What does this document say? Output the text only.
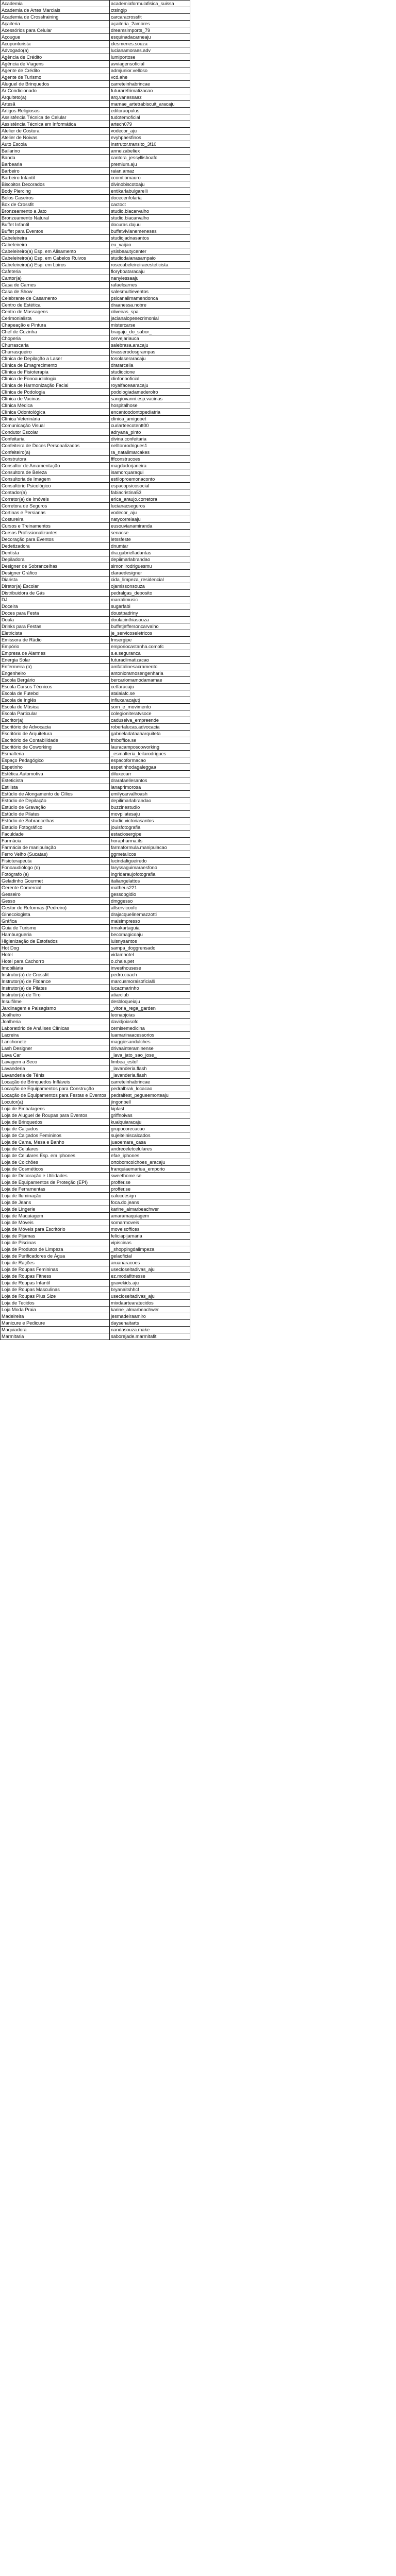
Academia	academiaformulafisica_suissa
Academia de Artes Marciais	ctsingip
Academia de Crossfraining	carcaracrossfit
Açaiteria	açaiteria_2amores
Acessórios para Celular	dreamsimports_79
Açougue	esquinadacarneaju
Acupunturista	clesmenes.souza
Advogado(a)	lucianamoraes.adv
Agência de Crédito	lumiportose
Agência de Viagens	avviagensoficial
Agente de Crédito	admjunior.velloso
Agente de Turismo	vcd.ahe
Aluguel de Brinquedos	carreteinhabrincae
Ar Condicionado	futurarefrimatizacao
Arquiteto(a)	arq.vanessaaz
Artesã	mamae_artetrabiscuit_aracaju
Artigos Religiosos	editoraopulus
Assistência Técnica de Celular	tudotemoficial
Assistência Técnica em Informática	artech079
Atelier de Costura	vodecor_aju
Atelier de Noivas	evyhpaesfinos
Auto Escola	instrutor.transito_3f10
Bailarino	anneizabeliex
Banda	cantora_jessyllisboafc
Barbearia	premium.aju
Barbeiro	raian.amaz
Barbeiro Infantil	ccomtiomauro
Biscoitos Decorados	divinobiscotoaju
Body Piercing	entikarlabulgarelli
Bolos Caseiros	docecenfolaria
Box de Crossfit	cactoct
Bronzeamento a Jato	studio.biacarvalho
Bronzeamento Natural	studio.biacarvalho
Buffet Infantil	docuras.dajuu
Buffet para Eventos	buffetvivianemeneses
Cabeleireira	studiojadnasantos
Cabeleireiro	eu_vaijao
Cabeleireiro(a) Esp. em Alisamento	ysisbeautycenter
Cabeleireiro(a) Esp. em Cabelos Ruivos	studiodaianasampaio
Cabeleireiro(a) Esp. em Loiros	rosecabeleireiraeesteticista
Cafeteria	floryboataracaju
Cantor(a)	nanylessaaju
Casa de Carnes	rafaelcarnes
Casa de Show	salesmultieventos
Celebrante de Casamento	psicanalimamendonca
Centro de Estética	draanessa.nobre
Centro de Massagens	oliveiras_spa
Cerimonialista	jacianalopesecrimonial
Chapeação e Pintura	mistercarse
Chef de Cozinha	bragaju_do_sabor_
Choperia	cervejariauca
Churrascaria	salebrasa.aracaju
Churrasqueiro	brasserodosgrampas
Clínica de Depilação a Laser	tosolaseraracaju
Clínica de Emagrecimento	drararcelia
Clínica de Fisioterapia	studiocione
Clínica de Fonoaudiologia	clinfonooficial
Clínica de Harmonização Facial	royalfaceaaracaju
Clínica de Podologia	podologiadamederolro
Clínica de Vacinas	sangiovanni.esp.vacinas
Clínica Médica	hospitalhose
Clínica Odontológica	encantoodontopediatria
Clínica Veterinária	clinica_amigopet
Comunicação Visual	curiarteecotentt00
Condutor Escolar	adryana_pinto
Confeitaria	divina.confeitaria
Confeiteira de Doces Personalizados	nelltonrodrigues1
Confeiteiro(a)	ra_natalimarcakes
Construtora	fffconstrucoes
Consultor de Amamentação	magdadorjaneira
Consultora de Beleza	isamorquaraqui
Consultoria de Imagem	estiloproemonaconto
Consultório Psicológico	espacopsicosocial
Contador(a)	fabiacristina53
Corretor(a) de Imóveis	erica_araujo.corretora
Corretora de Seguros	lucianacseguros
Cortinas e Persianas	vodecor_aju
Costureira	natycorreiaaju
Cursos e Treinamentos	eusouvianamiranda
Cursos Profissionalizantes	senacse
Decoração para Eventos	letssfeste
Dedetizadora	dnumtar
Dentista	dra.gabrielladantas
Depiladora	depiimarlabrandao
Designer de Sobrancelhas	simoniirodriguesmu
Designer Gráfico	claraedesigner
Diarista	cida_limpeza_residencial
Diretor(a) Escolar	ojamissonsouza
Distribuidora de Gás	pedralgas_deposito
DJ	marralimusic
Doceira	sugarfabi
Doces para Festa	doustpadriny
Doula	doulacinthiasouza
Drinks para Festas	buffetjeffersoncarvalho
Eletricista	je_servicoseletricos
Emissora de Rádio	fmsergipe
Empório	emporiocastanha.comofc
Empresa de Alarmes	s.e.seguranca
Energia Solar	futuraclimatizacao
Enfermeira (o)	amfatalinesacramento
Engenheiro	antonioramosengenharia
Escola Bergário	bercariomamodamamae
Escola Cursos Técnicos	cetfaracaju
Escola de Futebol	atalaiafc.se
Escola de Inglês	influxaracajutj
Escola de Música	som_e_movimento
Escola Particular	colegioniteratvsoce
Escritor(a)	caduselva_empreende
Escritório de Advocacia	robertalucas.advocacia
Escritório de Arquitetura	gabrieladataaharquiteta
Escritório de Contabilidade	fmboffice.se
Escritório de Coworking	lauracamposcoworking
Esmalteria	_esmalteria_leilarodrigues
Espaço Pedagógico	espacoformacao
Espetinho	espetinhodagaleggaa
Estética Automotiva	diluxecarr
Esteticista	drarafaellesantos
Estilista	lanaprimorosa
Estúdio de Alongamento de Cílios	emilycarvalhoash
Estúdio de Depilação	depilimarlabrandao
Estúdio de Gravação	buzzinestudio
Estúdio de Pilates	movpilatesaju
Estúdio de Sobrancelhas	studio.victoriasantos
Estúdio Fotográfico	jouisfotografia
Faculdade	estaciosergipe
Farmácia	horapharma.its
Farmácia de manipulação	farmaformula.manipulacao
Ferro Velho (Sucatas)	ggmetalicos
Fisioterapeuta	lucindafigueiredo
Fonoaudiólogo (o)	laryssaguimaraesfono
Fotógrafo (a)	ingridaraujofotografia
Geladinho Gourmet	italiangelattos
Gerente Comercial	matheus221
Gesseiro	gessopgidio
Gesso	dmggesso
Gestor de Reformas (Pedreiro)	allservicoofc
Ginecologista	drajacquelinemazzotti
Gráfica	maisimpresso
Guia de Turismo	irmakartaguia
Hamburgueria	becomagicoaju
Higienização de Estofados	luisnysantos
Hot Dog	sampa_doggrensado
Hotel	vidamhotel
Hotel para Cachorro	o.chale.pet
Imobiliária	investhousese
Instrutor(a) de Crossfit	pedro.coach
Instrutor(a) de Fitdance	marcusmoraisoficial9
Instrutor(a) de Pilates	lucacmarinho
Instrutor(a) de Tiro	atiarclub
Insulfilme	desbloqueiaju
Jardinagem e Paisagismo	_vitoria_rega_garden
Joalheiro	leonaojoias
Joalheria	davidjoiasofc
Laboratório de Análises Clínicas	cemisemedicina
Lacreira	luamarinaacessorios
Lanchonete	maggiesandulches
Lash Designer	drivaainteraminense
Lava Car	_lava_jato_sao_jose_
Lavagem a Seco	limbea_estof
Lavanderia	_lavanderia.flash
Lavanderia de Tênis	_lavanderia.flash
Locação de Brinquedos Infláveis	carreteinhabrincae
Locação de Equipamentos para Construção	pedralbrak_locacao
Locação de Equipamentos para Festas e Eventos	pedralfest_pegueemorteaju
Locutor(a)	jingonbell
Loja de Embalagens	kiplast
Loja de Aluguel de Roupas para Eventos	griffnoivas
Loja de Brinquedos	kualquiaracaju
Loja de Calçados	grupocorecacao
Loja de Calçados Femininos	sujeiteiniscalcados
Loja de Cama, Mesa e Banho	juaoemara_casa
Loja de Celulares	andreceletcelulares
Loja de Celulares Esp. em Iphones	efae_iphones
Loja de Colchões	ortobomcolchoes_aracaju
Loja de Cosméticos	franquiaemariua_emporio
Loja de Decoração e Utilidades	sweethome.se
Loja de Equipamentos de Proteção (EPI)	proffer.se
Loja de Ferramentas	proffer.se
Loja de Iluminação	calucdesign
Loja de Jeans	foca.do.jeans
Loja de Lingerie	karine_almarbeachwer
Loja de Maquiagem	amaramaquiagem
Loja de Móveis	somarmoveis
Loja de Móveis para Escritório	moveisoffices
Loja de Pijamas	feliciapijamaria
Loja de Piscinas	vipiscinas
Loja de Produtos de Limpeza	_shoppingdalimpeza
Loja de Purificadores de Água	gelaoficial
Loja de Rações	aruanaracoes
Loja de Roupas Femininas	usecloseitadivas_aju
Loja de Roupas Fitness	ez.modafitnesse
Loja de Roupas Infantil	gravekids.aju
Loja de Roupas Masculinas	bryanaitshhcf
Loja de Roupas Plus Size	usecloseitadivas_aju
Loja de Tecidos	mixdaartearatecidos
Loja Moda Praia	karine_almarbeachwer
Madeireira	jesmadeiraamiro
Manicure e Pedicure	daysenaitarts
Maquiadora	nandasouza.make
Marmitaria	saborejade.marmitafit
